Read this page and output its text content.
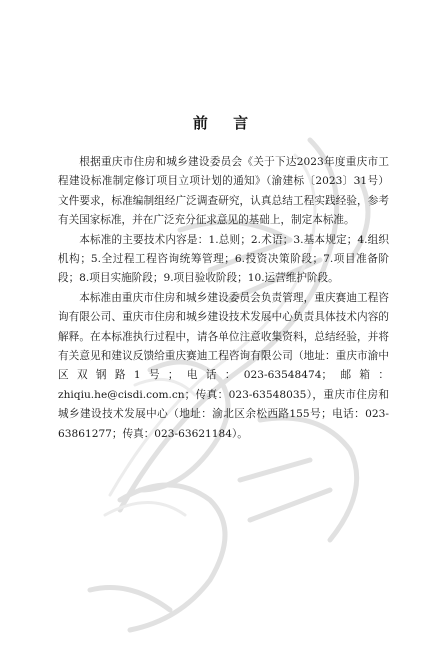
前 言

根据重庆市住房和城乡建设委员会《关于下达2023年度重庆市工程建设标准制定修订项目立项计划的通知》（渝建标〔2023〕31号）文件要求，标准编制组经广泛调查研究，认真总结工程实践经验，参考有关国家标准，并在广泛充分征求意见的基础上，制定本标准。

本标准的主要技术内容是：1.总则；2.术语；3.基本规定；4.组织机构；5.全过程工程咨询统筹管理；6.投资决策阶段；7.项目准备阶段；8.项目实施阶段；9.项目验收阶段；10.运营维护阶段。

本标准由重庆市住房和城乡建设委员会负责管理，重庆赛迪工程咨询有限公司、重庆市住房和城乡建设技术发展中心负责具体技术内容的解释。在本标准执行过程中，请各单位注意收集资料，总结经验，并将有关意见和建议反馈给重庆赛迪工程咨询有限公司（地址：重庆市渝中区双钢路1号；电话：023-63548474；邮箱：zhiqiu.he@cisdi.com.cn；传真：023-63548035），重庆市住房和城乡建设技术发展中心（地址：渝北区余松西路155号；电话：023-63861277；传真：023-63621184）。
